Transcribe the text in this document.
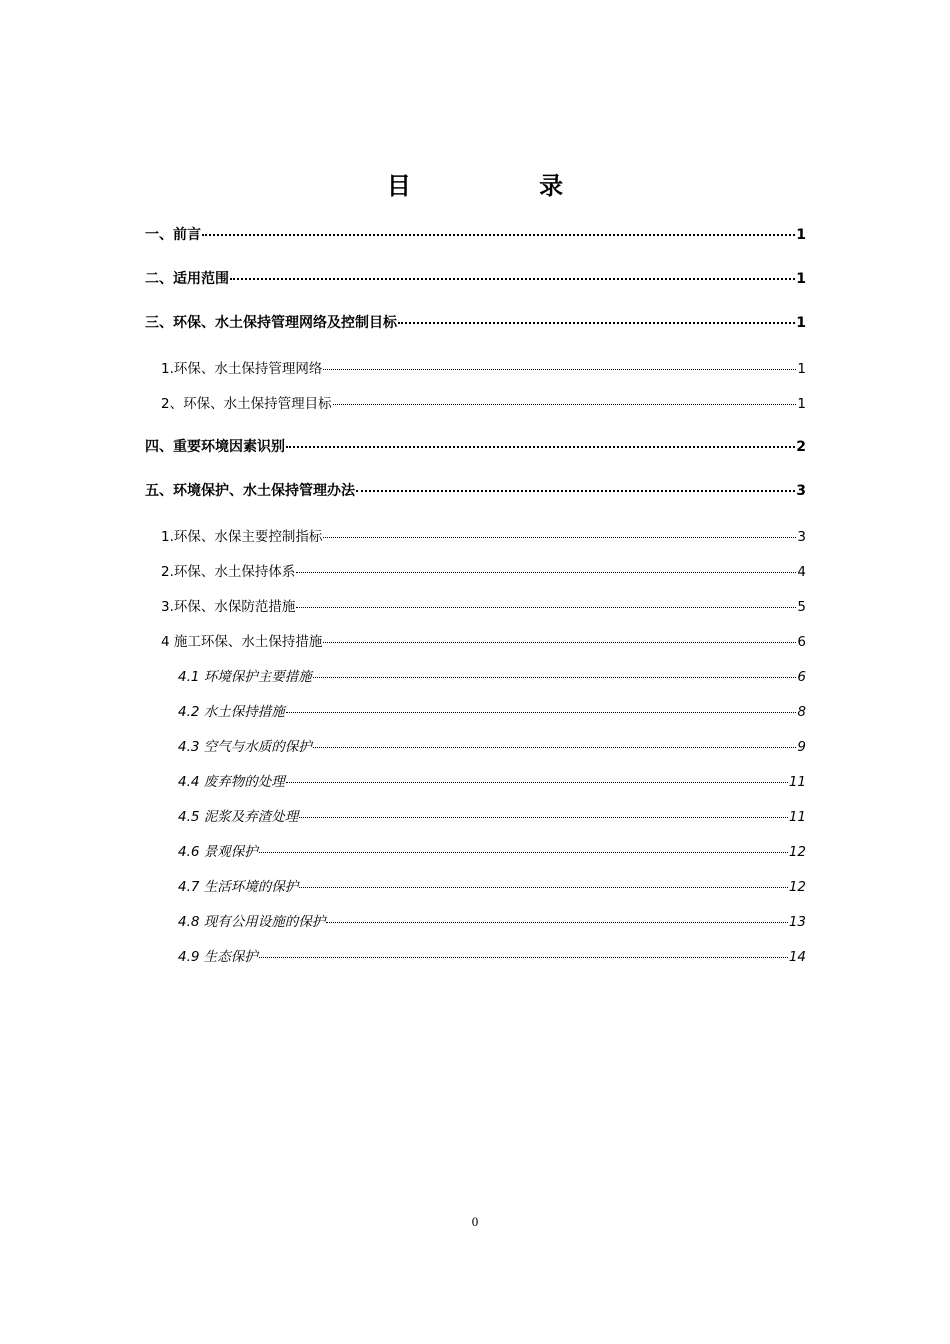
目 录
一、前言	1
二、适用范围	1
三、环保、水土保持管理网络及控制目标	1
1.环保、水土保持管理网络	1
2、环保、水土保持管理目标	1
四、重要环境因素识别	2
五、环境保护、水土保持管理办法	3
1.环保、水保主要控制指标	3
2.环保、水土保持体系	4
3.环保、水保防范措施	5
4 施工环保、水土保持措施	6
4.1 环境保护主要措施	6
4.2 水土保持措施	8
4.3 空气与水质的保护	9
4.4 废弃物的处理	11
4.5 泥浆及弃渣处理	11
4.6 景观保护	12
4.7 生活环境的保护	12
4.8 现有公用设施的保护	13
4.9 生态保护	14
0
